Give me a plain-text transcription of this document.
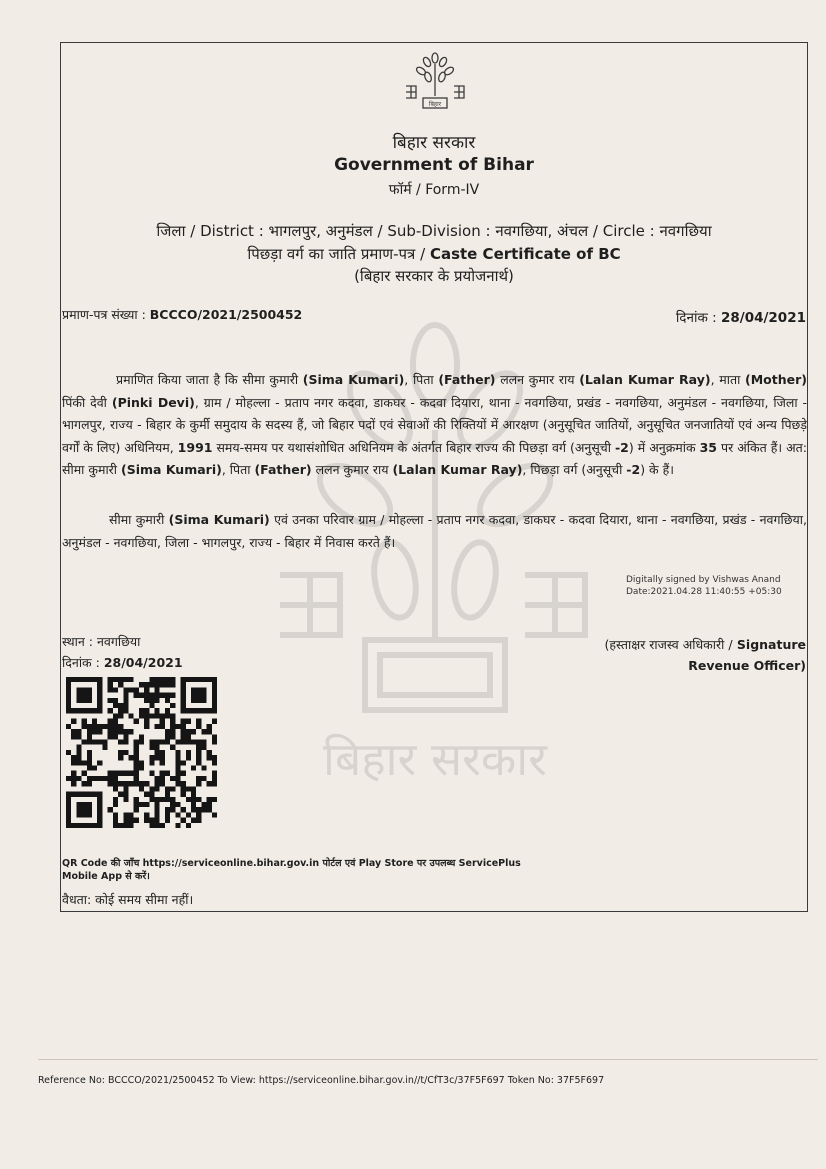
बिहार
बिहार सरकार
बिहार सरकार
Government of Bihar
फॉर्म / Form-IV
जिला / District : भागलपुर, अनुमंडल / Sub-Division : नवगछिया, अंचल / Circle : नवगछिया
पिछड़ा वर्ग का जाति प्रमाण-पत्र / Caste Certificate of BC
(बिहार सरकार के प्रयोजनार्थ)
प्रमाण-पत्र संख्या : BCCCO/2021/2500452	दिनांक : 28/04/2021
प्रमाणित किया जाता है कि सीमा कुमारी (Sima Kumari), पिता (Father) ललन कुमार राय (Lalan Kumar Ray), माता (Mother) पिंकी देवी (Pinki Devi), ग्राम / मोहल्ला - प्रताप नगर कदवा, डाकघर - कदवा दियारा, थाना - नवगछिया, प्रखंड - नवगछिया, अनुमंडल - नवगछिया, जिला - भागलपुर, राज्य - बिहार के कुर्मी समुदाय के सदस्य हैं, जो बिहार पदों एवं सेवाओं की रिक्तियों में आरक्षण (अनुसूचित जातियों, अनुसूचित जनजातियों एवं अन्य पिछड़े वर्गों के लिए) अधिनियम, 1991 समय-समय पर यथासंशोधित अधिनियम के अंतर्गत बिहार राज्य की पिछड़ा वर्ग (अनुसूची -2) में अनुक्रमांक 35 पर अंकित हैं। अत: सीमा कुमारी (Sima Kumari), पिता (Father) ललन कुमार राय (Lalan Kumar Ray), पिछड़ा वर्ग (अनुसूची -2) के हैं।
सीमा कुमारी (Sima Kumari) एवं उनका परिवार ग्राम / मोहल्ला - प्रताप नगर कदवा, डाकघर - कदवा दियारा, थाना - नवगछिया, प्रखंड - नवगछिया, अनुमंडल - नवगछिया, जिला - भागलपुर, राज्य - बिहार में निवास करते हैं।
Digitally signed by Vishwas Anand
Date:2021.04.28 11:40:55 +05:30
स्थान : नवगछिया
दिनांक : 28/04/2021
(हस्ताक्षर राजस्व अधिकारी / Signature
Revenue Officer)
QR Code की जाँच https://serviceonline.bihar.gov.in पोर्टल एवं Play Store पर उपलब्ध ServicePlus
Mobile App से करें।
वैधता: कोई समय सीमा नहीं।
Reference No: BCCCO/2021/2500452 To View: https://serviceonline.bihar.gov.in//t/CfT3c/37F5F697 Token No: 37F5F697
